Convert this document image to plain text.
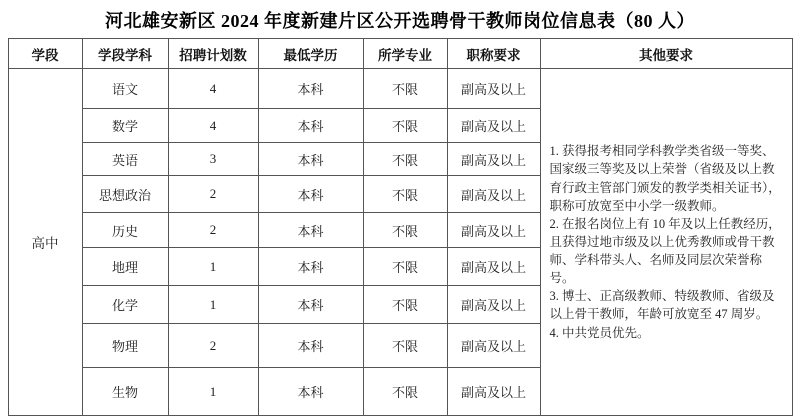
河北雄安新区 2024 年度新建片区公开选聘骨干教师岗位信息表（80 人）
学段	学段学科	招聘计划数	最低学历	所学专业	职称要求	其他要求
高中	语文	4	本科	不限	副高及以上	1. 获得报考相同学科教学类省级一等奖、国家级三等奖及以上荣誉（省级及以上教育行政主管部门颁发的教学类相关证书），职称可放宽至中小学一级教师。

2. 在报名岗位上有 10 年及以上任教经历，且获得过地市级及以上优秀教师或骨干教师、学科带头人、名师及同层次荣誉称号。

3. 博士、正高级教师、特级教师、省级及以上骨干教师，年龄可放宽至 47 周岁。

4. 中共党员优先。

	数学	4	本科	不限	副高及以上	
	英语	3	本科	不限	副高及以上	
	思想政治	2	本科	不限	副高及以上	
	历史	2	本科	不限	副高及以上	
	地理	1	本科	不限	副高及以上	
	化学	1	本科	不限	副高及以上	
	物理	2	本科	不限	副高及以上	
	生物	1	本科	不限	副高及以上	
